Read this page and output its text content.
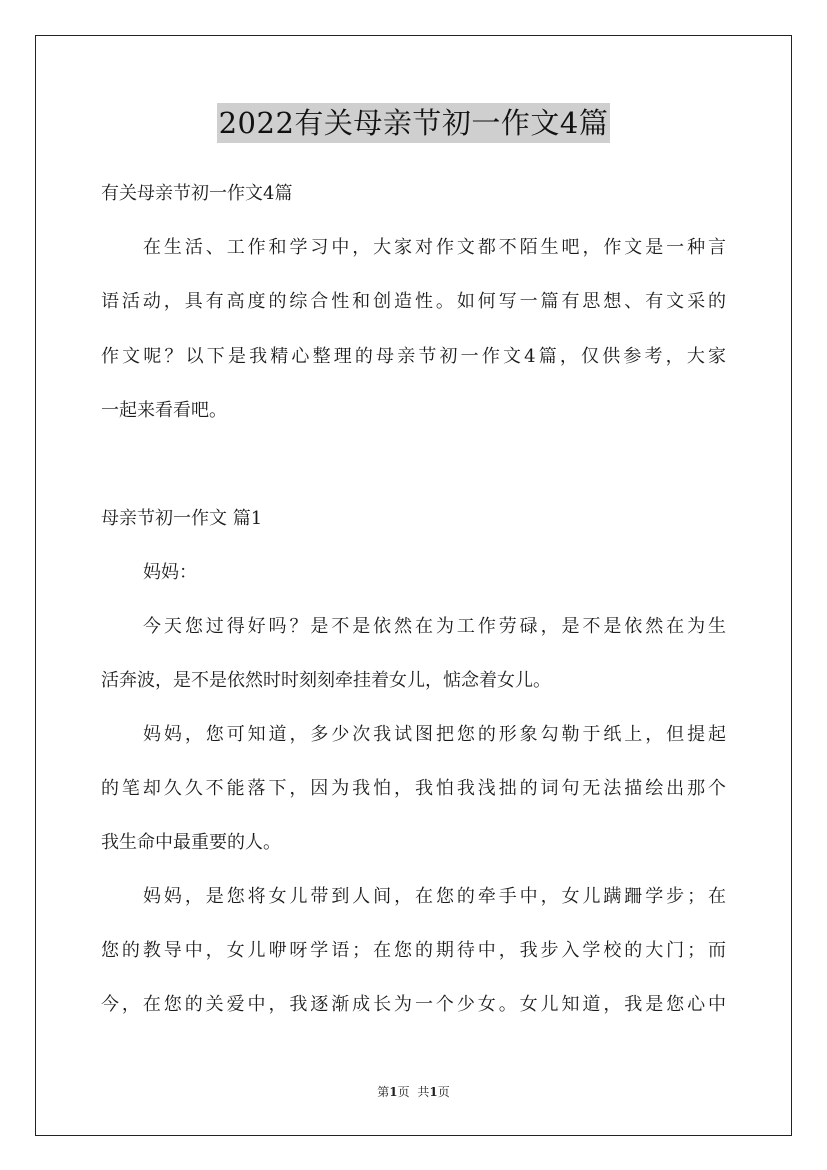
2022有关母亲节初一作文4篇
有关母亲节初一作文4篇
在生活、工作和学习中，大家对作文都不陌生吧，作文是一种言
语活动，具有高度的综合性和创造性。如何写一篇有思想、有文采的
作文呢？以下是我精心整理的母亲节初一作文4篇，仅供参考，大家
一起来看看吧。
母亲节初一作文 篇1
妈妈：
今天您过得好吗？是不是依然在为工作劳碌，是不是依然在为生
活奔波，是不是依然时时刻刻牵挂着女儿，惦念着女儿。
妈妈，您可知道，多少次我试图把您的形象勾勒于纸上，但提起
的笔却久久不能落下，因为我怕，我怕我浅拙的词句无法描绘出那个
我生命中最重要的人。
妈妈，是您将女儿带到人间，在您的牵手中，女儿蹒跚学步；在
您的教导中，女儿咿呀学语；在您的期待中，我步入学校的大门；而
今，在您的关爱中，我逐渐成长为一个少女。女儿知道，我是您心中
第1页 共1页
